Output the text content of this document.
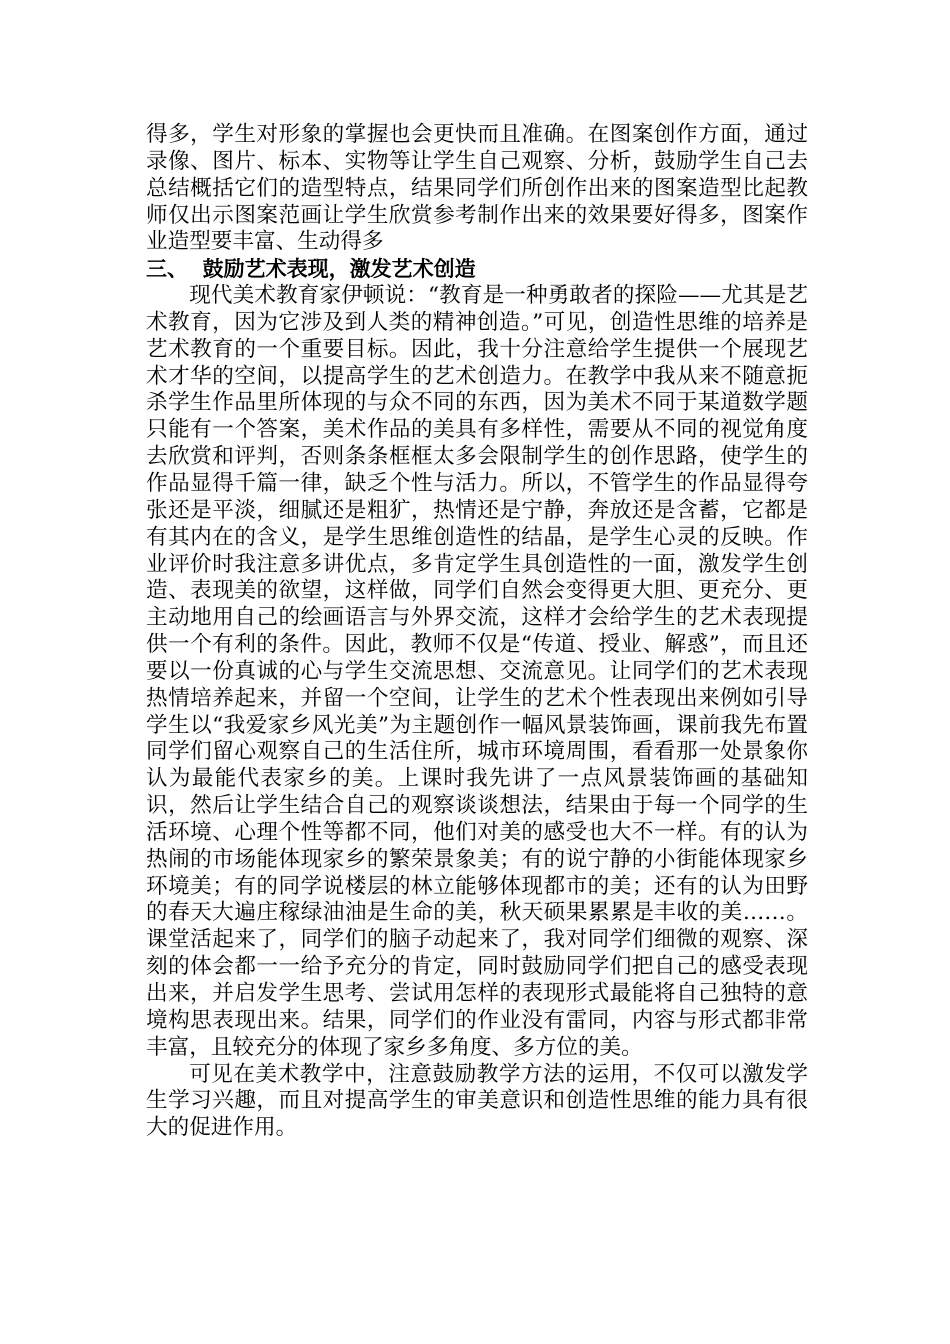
得多，学生对形象的掌握也会更快而且准确。在图案创作方面，通过录像、图片、标本、实物等让学生自己观察、分析，鼓励学生自己去总结概括它们的造型特点，结果同学们所创作出来的图案造型比起教师仅出示图案范画让学生欣赏参考制作出来的效果要好得多，图案作业造型要丰富、生动得多

三、  鼓励艺术表现，激发艺术创造

现代美术教育家伊顿说：“教育是一种勇敢者的探险——尤其是艺术教育，因为它涉及到人类的精神创造。”可见，创造性思维的培养是艺术教育的一个重要目标。因此，我十分注意给学生提供一个展现艺术才华的空间，以提高学生的艺术创造力。在教学中我从来不随意扼杀学生作品里所体现的与众不同的东西，因为美术不同于某道数学题只能有一个答案，美术作品的美具有多样性，需要从不同的视觉角度去欣赏和评判，否则条条框框太多会限制学生的创作思路，使学生的作品显得千篇一律，缺乏个性与活力。所以，不管学生的作品显得夸张还是平淡，细腻还是粗犷，热情还是宁静，奔放还是含蓄，它都是有其内在的含义，是学生思维创造性的结晶，是学生心灵的反映。作业评价时我注意多讲优点，多肯定学生具创造性的一面，激发学生创造、表现美的欲望，这样做，同学们自然会变得更大胆、更充分、更主动地用自己的绘画语言与外界交流，这样才会给学生的艺术表现提供一个有利的条件。因此，教师不仅是“传道、授业、解惑”，而且还要以一份真诚的心与学生交流思想、交流意见。让同学们的艺术表现热情培养起来，并留一个空间，让学生的艺术个性表现出来例如引导学生以“我爱家乡风光美”为主题创作一幅风景装饰画，课前我先布置同学们留心观察自己的生活住所，城市环境周围，看看那一处景象你认为最能代表家乡的美。上课时我先讲了一点风景装饰画的基础知识，然后让学生结合自己的观察谈谈想法，结果由于每一个同学的生活环境、心理个性等都不同，他们对美的感受也大不一样。有的认为热闹的市场能体现家乡的繁荣景象美；有的说宁静的小街能体现家乡环境美；有的同学说楼层的林立能够体现都市的美；还有的认为田野的春天大遍庄稼绿油油是生命的美，秋天硕果累累是丰收的美……。课堂活起来了，同学们的脑子动起来了，我对同学们细微的观察、深刻的体会都一一给予充分的肯定，同时鼓励同学们把自己的感受表现出来，并启发学生思考、尝试用怎样的表现形式最能将自己独特的意境构思表现出来。结果，同学们的作业没有雷同，内容与形式都非常丰富，且较充分的体现了家乡多角度、多方位的美。

可见在美术教学中，注意鼓励教学方法的运用，不仅可以激发学生学习兴趣，而且对提高学生的审美意识和创造性思维的能力具有很大的促进作用。
